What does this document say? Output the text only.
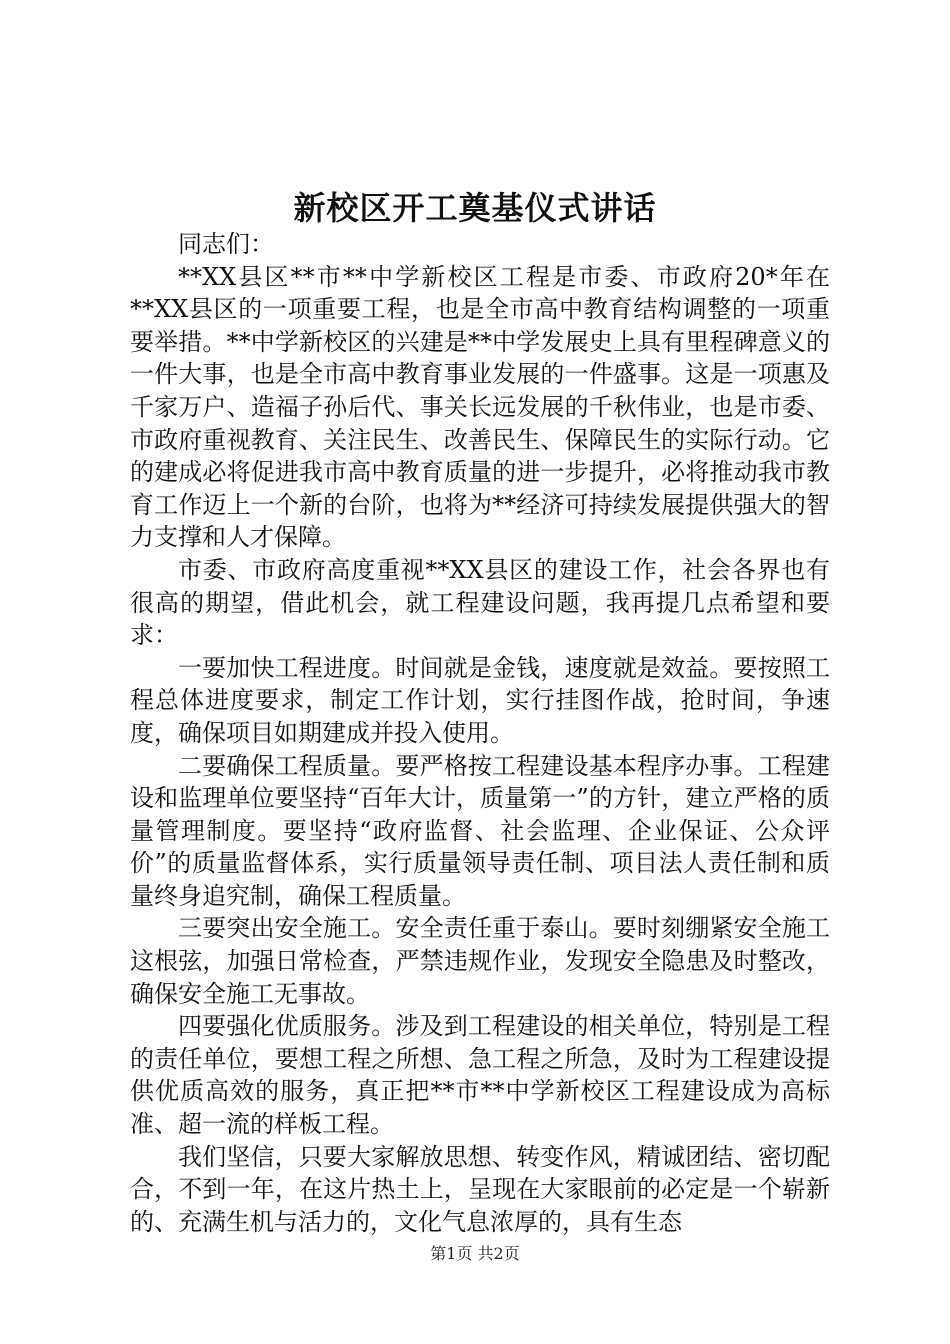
新校区开工奠基仪式讲话

同志们：

**XX县区**市**中学新校区工程是市委、市政府20*年在**XX县区的一项重要工程，也是全市高中教育结构调整的一项重要举措。**中学新校区的兴建是**中学发展史上具有里程碑意义的一件大事，也是全市高中教育事业发展的一件盛事。这是一项惠及千家万户、造福子孙后代、事关长远发展的千秋伟业，也是市委、市政府重视教育、关注民生、改善民生、保障民生的实际行动。它的建成必将促进我市高中教育质量的进一步提升，必将推动我市教育工作迈上一个新的台阶，也将为**经济可持续发展提供强大的智力支撑和人才保障。

市委、市政府高度重视**XX县区的建设工作，社会各界也有很高的期望，借此机会，就工程建设问题，我再提几点希望和要求：

一要加快工程进度。时间就是金钱，速度就是效益。要按照工程总体进度要求，制定工作计划，实行挂图作战，抢时间，争速度，确保项目如期建成并投入使用。

二要确保工程质量。要严格按工程建设基本程序办事。工程建设和监理单位要坚持“百年大计，质量第一”的方针，建立严格的质量管理制度。要坚持“政府监督、社会监理、企业保证、公众评价”的质量监督体系，实行质量领导责任制、项目法人责任制和质量终身追究制，确保工程质量。

三要突出安全施工。安全责任重于泰山。要时刻绷紧安全施工这根弦，加强日常检查，严禁违规作业，发现安全隐患及时整改，确保安全施工无事故。

四要强化优质服务。涉及到工程建设的相关单位，特别是工程的责任单位，要想工程之所想、急工程之所急，及时为工程建设提供优质高效的服务，真正把**市**中学新校区工程建设成为高标准、超一流的样板工程。

我们坚信，只要大家解放思想、转变作风，精诚团结、密切配合，不到一年，在这片热土上，呈现在大家眼前的必定是一个崭新的、充满生机与活力的，文化气息浓厚的，具有生态

第1页 共2页
